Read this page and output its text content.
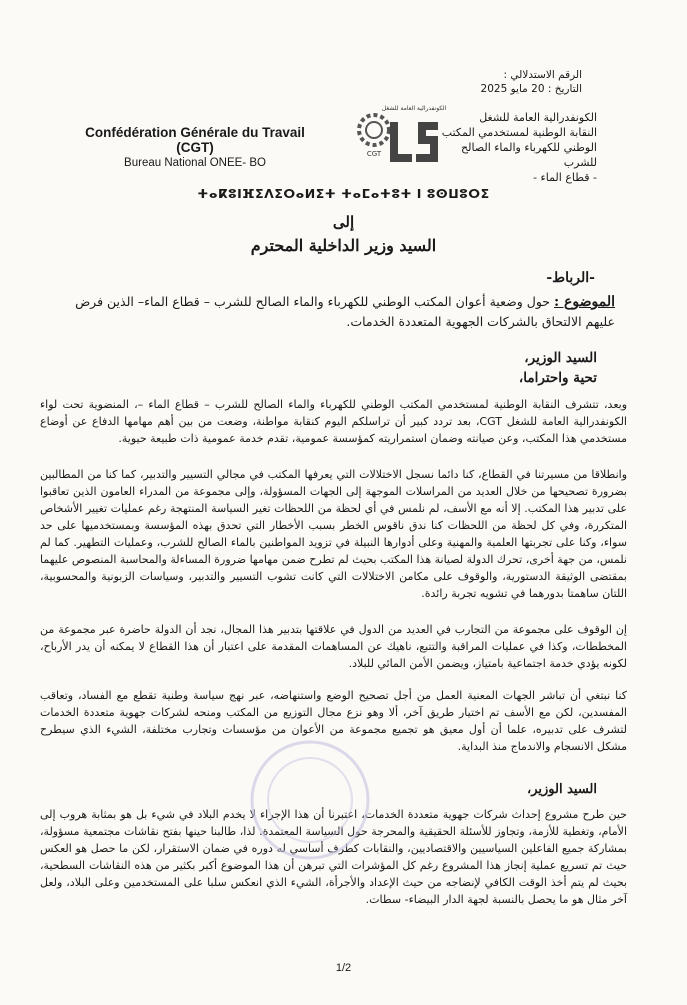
الرقم الاستدلالي :
التاريخ : 20 مايو 2025
الكونفدرالية العامة للشغل
النقابة الوطنية لمستخدمي المكتب
الوطني للكهرباء والماء الصالح
للشرب
- قطاع الماء -
الكونفدرالية العامة للشغل
CGT
Confédération Générale du Travail (CGT)
Bureau National ONEE- BO
ⵜⴰⴽⵓⵏⴼⵉⴷⵉⵔⴰⵍⵉⵜ ⵜⴰⵎⴰⵜⵓⵜ ⵏ ⵓⵙⵡⵓⵔⵉ
إلى
السيد وزير الداخلية المحترم
-الرباط-
الموضوع : حول وضعية أعوان المكتب الوطني للكهرباء والماء الصالح للشرب – قطاع الماء– الذين فرض عليهم الالتحاق بالشركات الجهوية المتعددة الخدمات.
السيد الوزير،
تحية واحتراما،
وبعد، تتشرف النقابة الوطنية لمستخدمي المكتب الوطني للكهرباء والماء الصالح للشرب – قطاع الماء –، المنضوية تحت لواء الكونفدرالية العامة للشغل CGT، بعد تردد كبير أن تراسلكم اليوم كنقابة مواطنة، وضعت من بين أهم مهامها الدفاع عن أوضاع مستخدمي هذا المكتب، وعن صيانته وضمان استمراريته كمؤسسة عمومية، تقدم خدمة عمومية ذات طبيعة حيوية.
وانطلاقا من مسيرتنا في القطاع، كنا دائما نسجل الاختلالات التي يعرفها المكتب في مجالي التسيير والتدبير، كما كنا من المطالبين بضرورة تصحيحها من خلال العديد من المراسلات الموجهة إلى الجهات المسؤولة، وإلى مجموعة من المدراء العامون الذين تعاقبوا على تدبير هذا المكتب. إلا أنه مع الأسف، لم نلمس في أي لحظة من اللحظات تغير السياسة المنتهجة رغم عمليات تغيير الأشخاص المتكررة، وفي كل لحظة من اللحظات كنا ندق ناقوس الخطر بسبب الأخطار التي تحدق بهذه المؤسسة وبمستخدميها على حد سواء، وكنا على تجربتها العلمية والمهنية وعلى أدوارها النبيلة في تزويد المواطنين بالماء الصالح للشرب، وعمليات التطهير. كما لم نلمس، من جهة أخرى، تحرك الدولة لصيانة هذا المكتب بحيث لم تطرح ضمن مهامها ضرورة المساءلة والمحاسبة المنصوص عليهما بمقتضى الوثيقة الدستورية، والوقوف على مكامن الاختلالات التي كانت تشوب التسيير والتدبير، وسياسات الزبونية والمحسوبية، اللتان ساهمتا بدورهما في تشويه تجربة رائدة.
إن الوقوف على مجموعة من التجارب في العديد من الدول في علاقتها بتدبير هذا المجال، نجد أن الدولة حاضرة عبر مجموعة من المخططات، وكذا في عمليات المراقبة والتتبع، ناهيك عن المساهمات المقدمة على اعتبار أن هذا القطاع لا يمكنه أن يدر الأرباح، لكونه يؤدي خدمة اجتماعية بامتياز، ويضمن الأمن المائي للبلاد.
كنا نبتغي أن تباشر الجهات المعنية العمل من أجل تصحيح الوضع واستنهاضه، عبر نهج سياسة وطنية تقطع مع الفساد، وتعاقب المفسدين، لكن مع الأسف تم اختيار طريق آخر، ألا وهو نزع مجال التوزيع من المكتب ومنحه لشركات جهوية متعددة الخدمات لتشرف على تدبيره، علما أن أول معيق هو تجميع مجموعة من الأعوان من مؤسسات وتجارب مختلفة، الشيء الذي سيطرح مشكل الانسجام والاندماج منذ البداية.
السيد الوزير،
حين طرح مشروع إحداث شركات جهوية متعددة الخدمات، اعتبرنا أن هذا الإجراء لا يخدم البلاد في شيء بل هو بمثابة هروب إلى الأمام، وتغطية للأزمة، وتجاوز للأسئلة الحقيقية والمحرجة حول السياسة المعتمدة. لذا، طالبنا حينها بفتح نقاشات مجتمعية مسؤولة، بمشاركة جميع الفاعلين السياسيين والاقتصاديين، والنقابات كطرف أساسي له دوره في ضمان الاستقرار، لكن ما حصل هو العكس حيث تم تسريع عملية إنجاز هذا المشروع رغم كل المؤشرات التي تبرهن أن هذا الموضوع أكبر بكثير من هذه النقاشات السطحية، بحيث لم يتم أخذ الوقت الكافي لإنضاجه من حيث الإعداد والأجرأة، الشيء الذي انعكس سلبا على المستخدمين وعلى البلاد، ولعل آخر مثال هو ما يحصل بالنسبة لجهة الدار البيضاء- سطات.
1/2
